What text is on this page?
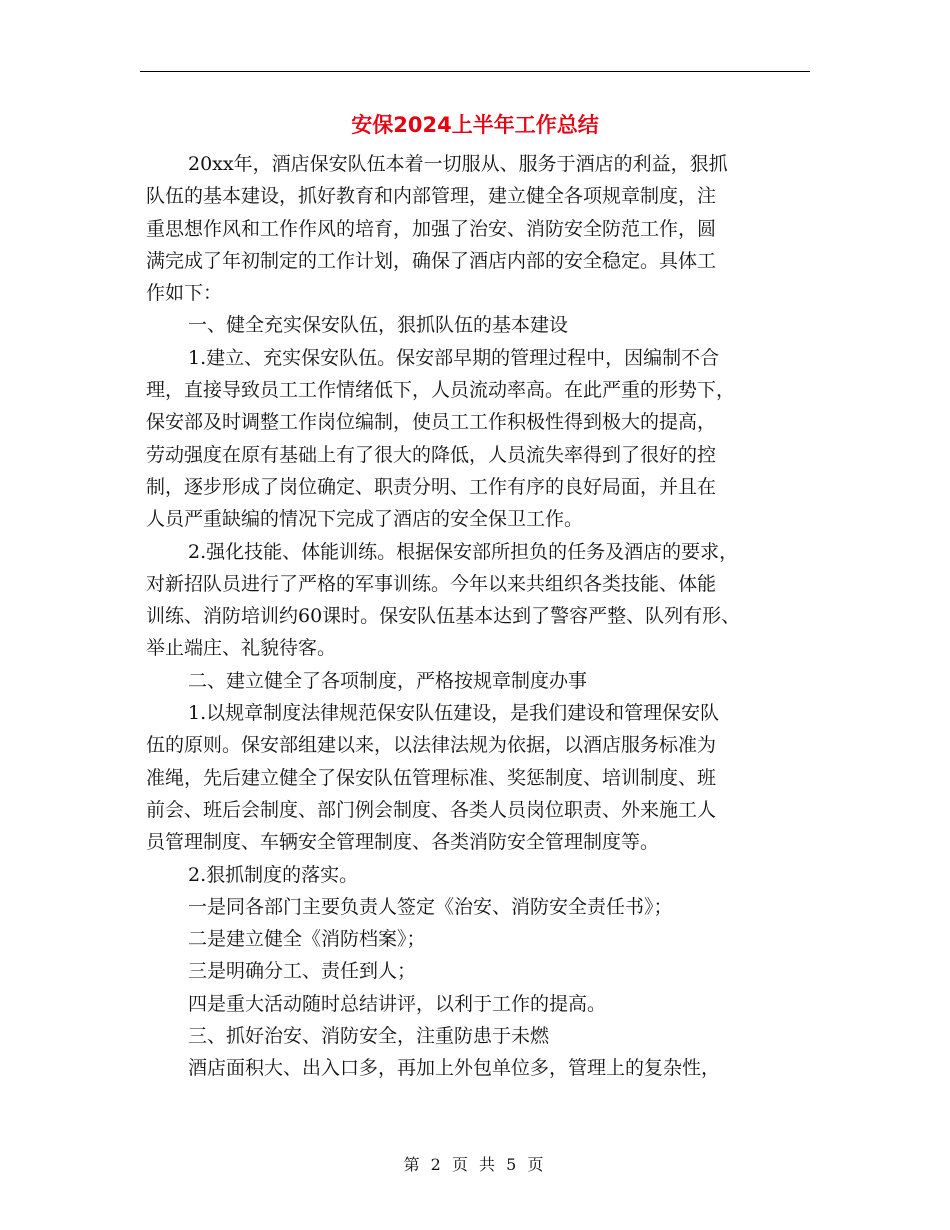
安保2024上半年工作总结
20xx年，酒店保安队伍本着一切服从、服务于酒店的利益，狠抓
队伍的基本建设，抓好教育和内部管理，建立健全各项规章制度，注
重思想作风和工作作风的培育，加强了治安、消防安全防范工作，圆
满完成了年初制定的工作计划，确保了酒店内部的安全稳定。具体工
作如下：
一、健全充实保安队伍，狠抓队伍的基本建设
1.建立、充实保安队伍。保安部早期的管理过程中，因编制不合
理，直接导致员工工作情绪低下，人员流动率高。在此严重的形势下，
保安部及时调整工作岗位编制，使员工工作积极性得到极大的提高，
劳动强度在原有基础上有了很大的降低，人员流失率得到了很好的控
制，逐步形成了岗位确定、职责分明、工作有序的良好局面，并且在
人员严重缺编的情况下完成了酒店的安全保卫工作。
2.强化技能、体能训练。根据保安部所担负的任务及酒店的要求，
对新招队员进行了严格的军事训练。今年以来共组织各类技能、体能
训练、消防培训约60课时。保安队伍基本达到了警容严整、队列有形、
举止端庄、礼貌待客。
二、建立健全了各项制度，严格按规章制度办事
1.以规章制度法律规范保安队伍建设，是我们建设和管理保安队
伍的原则。保安部组建以来，以法律法规为依据，以酒店服务标准为
准绳，先后建立健全了保安队伍管理标准、奖惩制度、培训制度、班
前会、班后会制度、部门例会制度、各类人员岗位职责、外来施工人
员管理制度、车辆安全管理制度、各类消防安全管理制度等。
2.狠抓制度的落实。
一是同各部门主要负责人签定《治安、消防安全责任书》；
二是建立健全《消防档案》；
三是明确分工、责任到人；
四是重大活动随时总结讲评，以利于工作的提高。
三、抓好治安、消防安全，注重防患于未燃
酒店面积大、出入口多，再加上外包单位多，管理上的复杂性，
第 2 页 共 5 页
